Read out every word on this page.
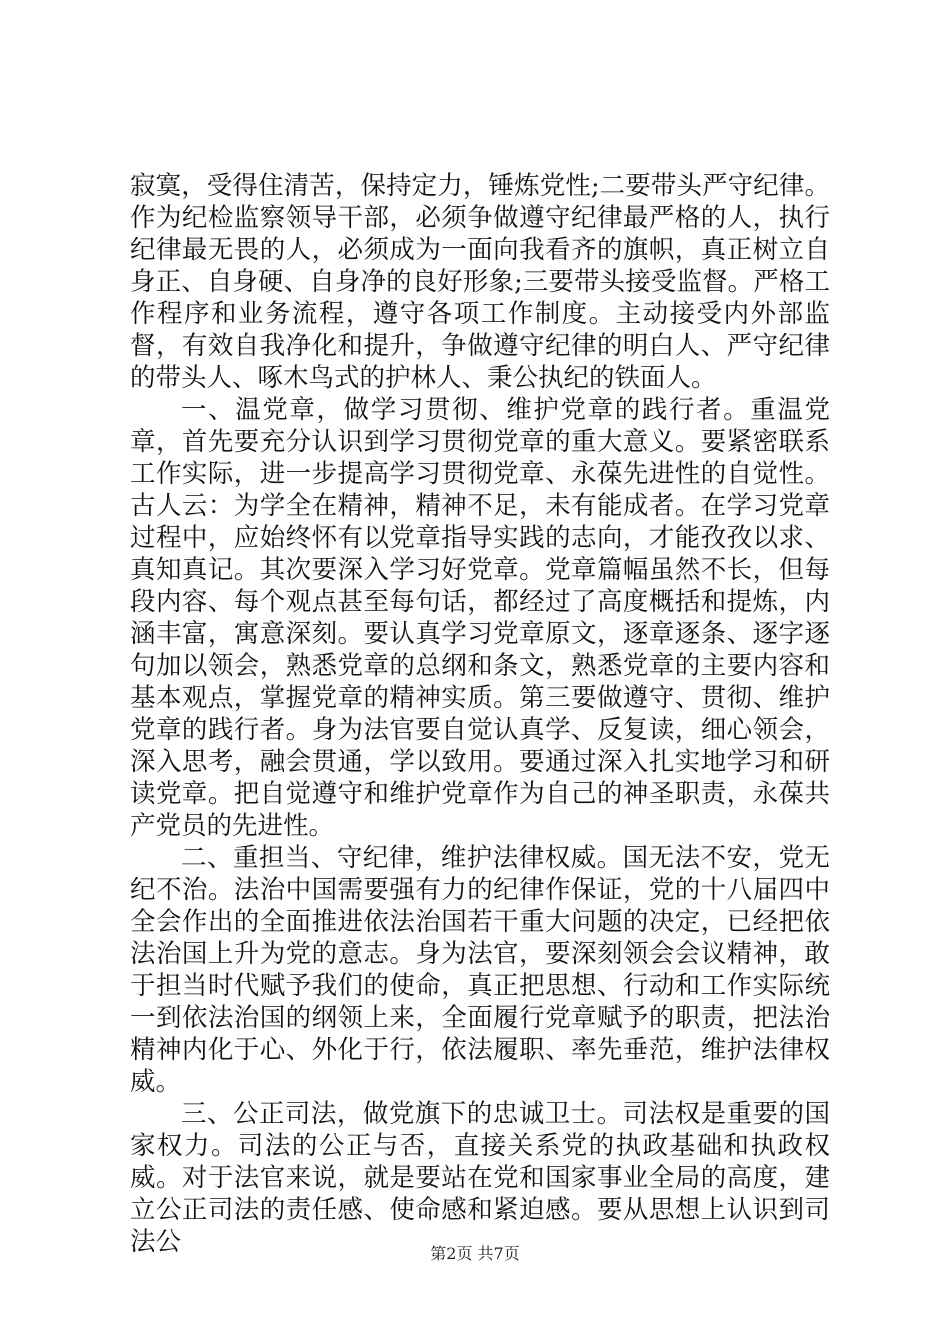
寂寞，受得住清苦，保持定力，锤炼党性;二要带头严守纪律。作为纪检监察领导干部，必须争做遵守纪律最严格的人，执行纪律最无畏的人，必须成为一面向我看齐的旗帜，真正树立自身正、自身硬、自身净的良好形象;三要带头接受监督。严格工作程序和业务流程，遵守各项工作制度。主动接受内外部监督，有效自我净化和提升，争做遵守纪律的明白人、严守纪律的带头人、啄木鸟式的护林人、秉公执纪的铁面人。

一、温党章，做学习贯彻、维护党章的践行者。重温党章，首先要充分认识到学习贯彻党章的重大意义。要紧密联系工作实际，进一步提高学习贯彻党章、永葆先进性的自觉性。古人云：为学全在精神，精神不足，未有能成者。在学习党章过程中，应始终怀有以党章指导实践的志向，才能孜孜以求、真知真记。其次要深入学习好党章。党章篇幅虽然不长，但每段内容、每个观点甚至每句话，都经过了高度概括和提炼，内涵丰富，寓意深刻。要认真学习党章原文，逐章逐条、逐字逐句加以领会，熟悉党章的总纲和条文，熟悉党章的主要内容和基本观点，掌握党章的精神实质。第三要做遵守、贯彻、维护党章的践行者。身为法官要自觉认真学、反复读，细心领会，深入思考，融会贯通，学以致用。要通过深入扎实地学习和研读党章。把自觉遵守和维护党章作为自己的神圣职责，永葆共产党员的先进性。

二、重担当、守纪律，维护法律权威。国无法不安，党无纪不治。法治中国需要强有力的纪律作保证，党的十八届四中全会作出的全面推进依法治国若干重大问题的决定，已经把依法治国上升为党的意志。身为法官，要深刻领会会议精神，敢于担当时代赋予我们的使命，真正把思想、行动和工作实际统一到依法治国的纲领上来，全面履行党章赋予的职责，把法治精神内化于心、外化于行，依法履职、率先垂范，维护法律权威。

三、公正司法，做党旗下的忠诚卫士。司法权是重要的国家权力。司法的公正与否，直接关系党的执政基础和执政权威。对于法官来说，就是要站在党和国家事业全局的高度，建立公正司法的责任感、使命感和紧迫感。要从思想上认识到司法公	第2页 共7页
